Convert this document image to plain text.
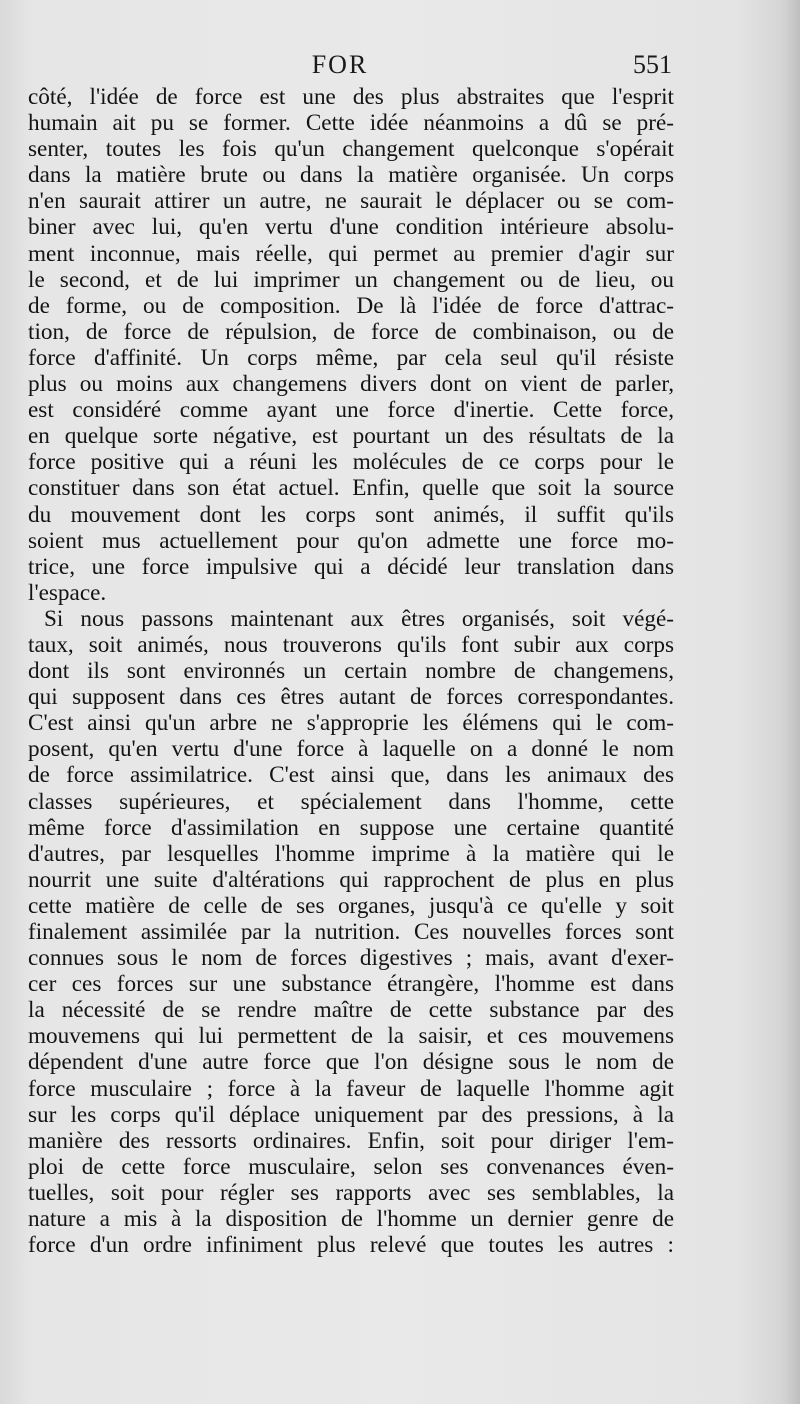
FOR	551
côté, l'idée de force est une des plus abstraites que l'esprit
humain ait pu se former. Cette idée néanmoins a dû se pré-
senter, toutes les fois qu'un changement quelconque s'opérait
dans la matière brute ou dans la matière organisée. Un corps
n'en saurait attirer un autre, ne saurait le déplacer ou se com-
biner avec lui, qu'en vertu d'une condition intérieure absolu-
ment inconnue, mais réelle, qui permet au premier d'agir sur
le second, et de lui imprimer un changement ou de lieu, ou
de forme, ou de composition. De là l'idée de force d'attrac-
tion, de force de répulsion, de force de combinaison, ou de
force d'affinité. Un corps même, par cela seul qu'il résiste
plus ou moins aux changemens divers dont on vient de parler,
est considéré comme ayant une force d'inertie. Cette force,
en quelque sorte négative, est pourtant un des résultats de la
force positive qui a réuni les molécules de ce corps pour le
constituer dans son état actuel. Enfin, quelle que soit la source
du mouvement dont les corps sont animés, il suffit qu'ils
soient mus actuellement pour qu'on admette une force mo-
trice, une force impulsive qui a décidé leur translation dans
l'espace.
Si nous passons maintenant aux êtres organisés, soit végé-
taux, soit animés, nous trouverons qu'ils font subir aux corps
dont ils sont environnés un certain nombre de changemens,
qui supposent dans ces êtres autant de forces correspondantes.
C'est ainsi qu'un arbre ne s'approprie les élémens qui le com-
posent, qu'en vertu d'une force à laquelle on a donné le nom
de force assimilatrice. C'est ainsi que, dans les animaux des
classes supérieures, et spécialement dans l'homme, cette
même force d'assimilation en suppose une certaine quantité
d'autres, par lesquelles l'homme imprime à la matière qui le
nourrit une suite d'altérations qui rapprochent de plus en plus
cette matière de celle de ses organes, jusqu'à ce qu'elle y soit
finalement assimilée par la nutrition. Ces nouvelles forces sont
connues sous le nom de forces digestives ; mais, avant d'exer-
cer ces forces sur une substance étrangère, l'homme est dans
la nécessité de se rendre maître de cette substance par des
mouvemens qui lui permettent de la saisir, et ces mouvemens
dépendent d'une autre force que l'on désigne sous le nom de
force musculaire ; force à la faveur de laquelle l'homme agit
sur les corps qu'il déplace uniquement par des pressions, à la
manière des ressorts ordinaires. Enfin, soit pour diriger l'em-
ploi de cette force musculaire, selon ses convenances éven-
tuelles, soit pour régler ses rapports avec ses semblables, la
nature a mis à la disposition de l'homme un dernier genre de
force d'un ordre infiniment plus relevé que toutes les autres :
